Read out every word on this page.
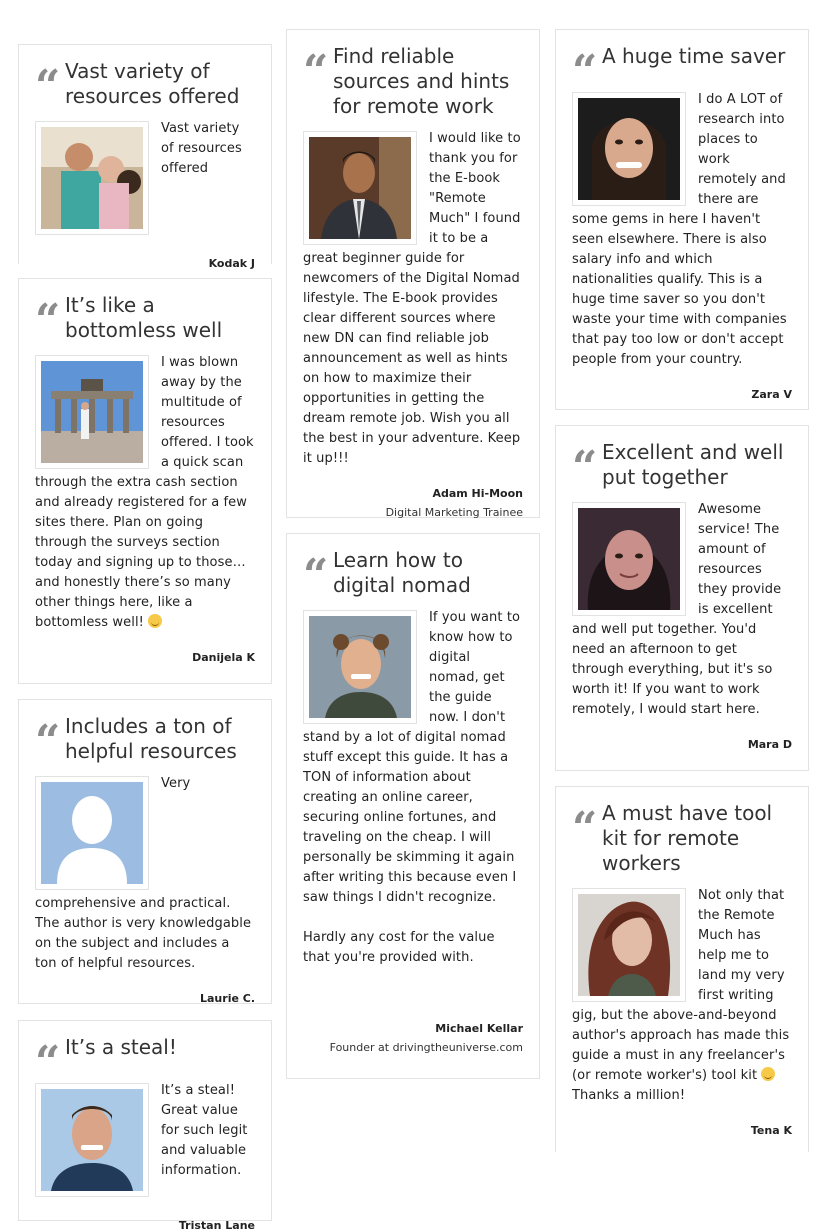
“ Vast variety of resources offered
Vast variety of resources offered
Kodak J
“ It’s like a bottomless well
I was blown away by the multitude of resources offered. I took a quick scan through the extra cash section and already registered for a few sites there. Plan on going through the surveys section today and signing up to those… and honestly there’s so many other things here, like a bottomless well!
Danijela K
“ Includes a ton of helpful resources
Very comprehensive and practical. The author is very knowledgable on the subject and includes a ton of helpful resources.
Laurie C.
“ It’s a steal!
It’s a steal! Great value for such legit and valuable information.
Tristan Lane
“ Find reliable sources and hints for remote work
I would like to thank you for the E-book "Remote Much" I found it to be a great beginner guide for newcomers of the Digital Nomad lifestyle. The E-book provides clear different sources where new DN can find reliable job announcement as well as hints on how to maximize their opportunities in getting the dream remote job. Wish you all the best in your adventure. Keep it up!!!
Adam Hi-Moon
Digital Marketing Trainee
“ Learn how to digital nomad

If you want to know how to digital nomad, get the guide now. I don't stand by a lot of digital nomad stuff except this guide. It has a TON of information about creating an online career, securing online fortunes, and traveling on the cheap. I will personally be skimming it again after writing this because even I saw things I didn't recognize.

Hardly any cost for the value that you're provided with.

Michael Kellar
Founder at drivingtheuniverse.com
“ A huge time saver
I do A LOT of research into places to work remotely and there are some gems in here I haven't seen elsewhere. There is also salary info and which nationalities qualify. This is a huge time saver so you don't waste your time with companies that pay too low or don't accept people from your country.
Zara V
“ Excellent and well put together
Awesome service! The amount of resources they provide is excellent and well put together. You'd need an afternoon to get through everything, but it's so worth it! If you want to work remotely, I would start here.
Mara D
“ A must have tool kit for remote workers
Not only that the Remote Much has help me to land my very first writing gig, but the above-and-beyond author's approach has made this guide a must in any freelancer's (or remote worker's) tool kit
Thanks a million!
Tena K
